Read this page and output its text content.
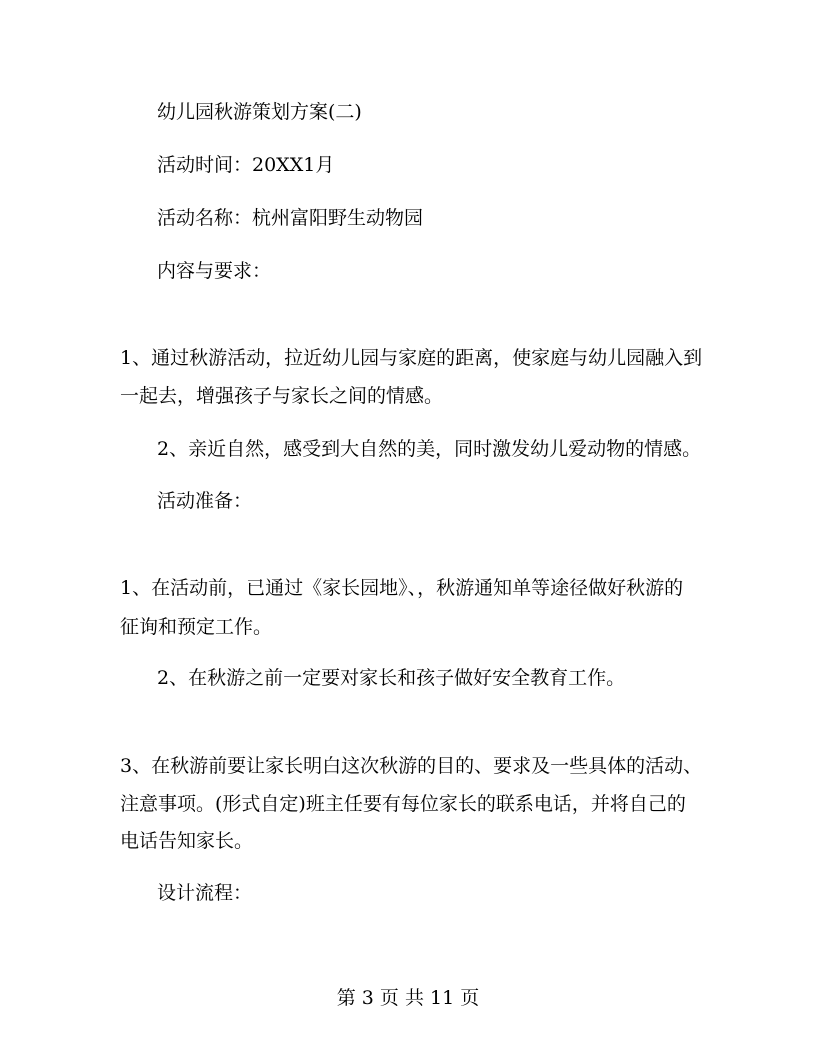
幼儿园秋游策划方案(二)
活动时间：20XX1月
活动名称：杭州富阳野生动物园
内容与要求：
1、通过秋游活动，拉近幼儿园与家庭的距离，使家庭与幼儿园融入到
一起去，增强孩子与家长之间的情感。
2、亲近自然，感受到大自然的美，同时激发幼儿爱动物的情感。
活动准备：
1、在活动前，已通过《家长园地》、，秋游通知单等途径做好秋游的
征询和预定工作。
2、在秋游之前一定要对家长和孩子做好安全教育工作。
3、在秋游前要让家长明白这次秋游的目的、要求及一些具体的活动、
注意事项。(形式自定)班主任要有每位家长的联系电话，并将自己的
电话告知家长。
设计流程：
第 3 页 共 11 页
